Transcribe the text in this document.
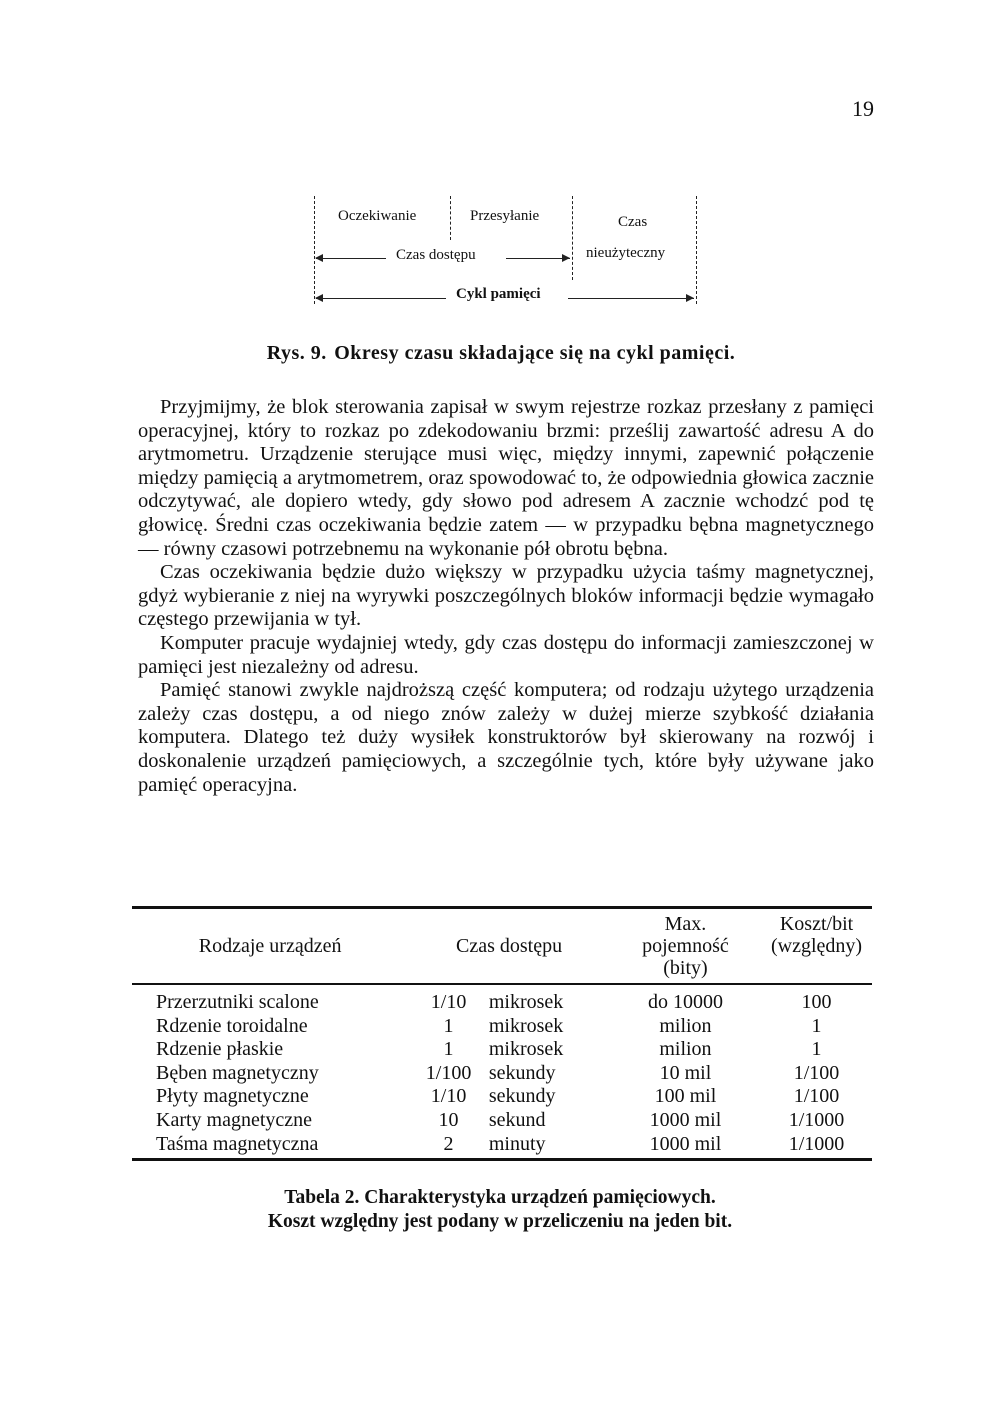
19
Oczekiwanie	Przesyłanie	Czas
nieużyteczny
Czas dostępu
Cykl pamięci
Rys. 9. Okresy czasu składające się na cykl pamięci.

Przyjmijmy, że blok sterowania zapisał w swym rejestrze rozkaz przesłany z pamięci operacyjnej, który to rozkaz po zdekodowaniu brzmi: prześlij zawartość adresu A do arytmometru. Urządzenie sterujące musi więc, między innymi, zapewnić połączenie między pamięcią a arytmometrem, oraz spowodować to, że odpowiednia głowica zacznie odczytywać, ale dopiero wtedy, gdy słowo pod adresem A zacznie wchodzć pod tę głowicę. Średni czas oczekiwania będzie zatem — w przypadku bębna magnetycznego — równy czasowi potrzebnemu na wykonanie pół obrotu bębna.

Czas oczekiwania będzie dużo większy w przypadku użycia taśmy magnetycznej, gdyż wybieranie z niej na wyrywki poszczególnych bloków informacji będzie wymagało częstego przewijania w tył.

Komputer pracuje wydajniej wtedy, gdy czas dostępu do informacji zamieszczonej w pamięci jest niezależny od adresu.

Pamięć stanowi zwykle najdroższą część komputera; od rodzaju użytego urządzenia zależy czas dostępu, a od niego znów zależy w dużej mierze szybkość działania komputera. Dlatego też duży wysiłek konstruktorów był skierowany na rozwój i doskonalenie urządzeń pamięciowych, a szczególnie tych, które były używane jako pamięć operacyjna.

Rodzaje urządzeń	Czas dostępu	
Max.
pojemność
(bity)

Koszt/bit
(względny)

Przerzutniki scalone	1/10	mikrosek	do 10000	100
Rdzenie toroidalne	1	mikrosek	milion	1
Rdzenie płaskie	1	mikrosek	milion	1
Bęben magnetyczny	1/100	sekundy	10 mil	1/100
Płyty magnetyczne	1/10	sekundy	100 mil	1/100
Karty magnetyczne	10	sekund	1000 mil	1/1000
Taśma magnetyczna	2	minuty	1000 mil	1/1000
Tabela 2. Charakterystyka urządzeń pamięciowych.
Koszt względny jest podany w przeliczeniu na jeden bit.
